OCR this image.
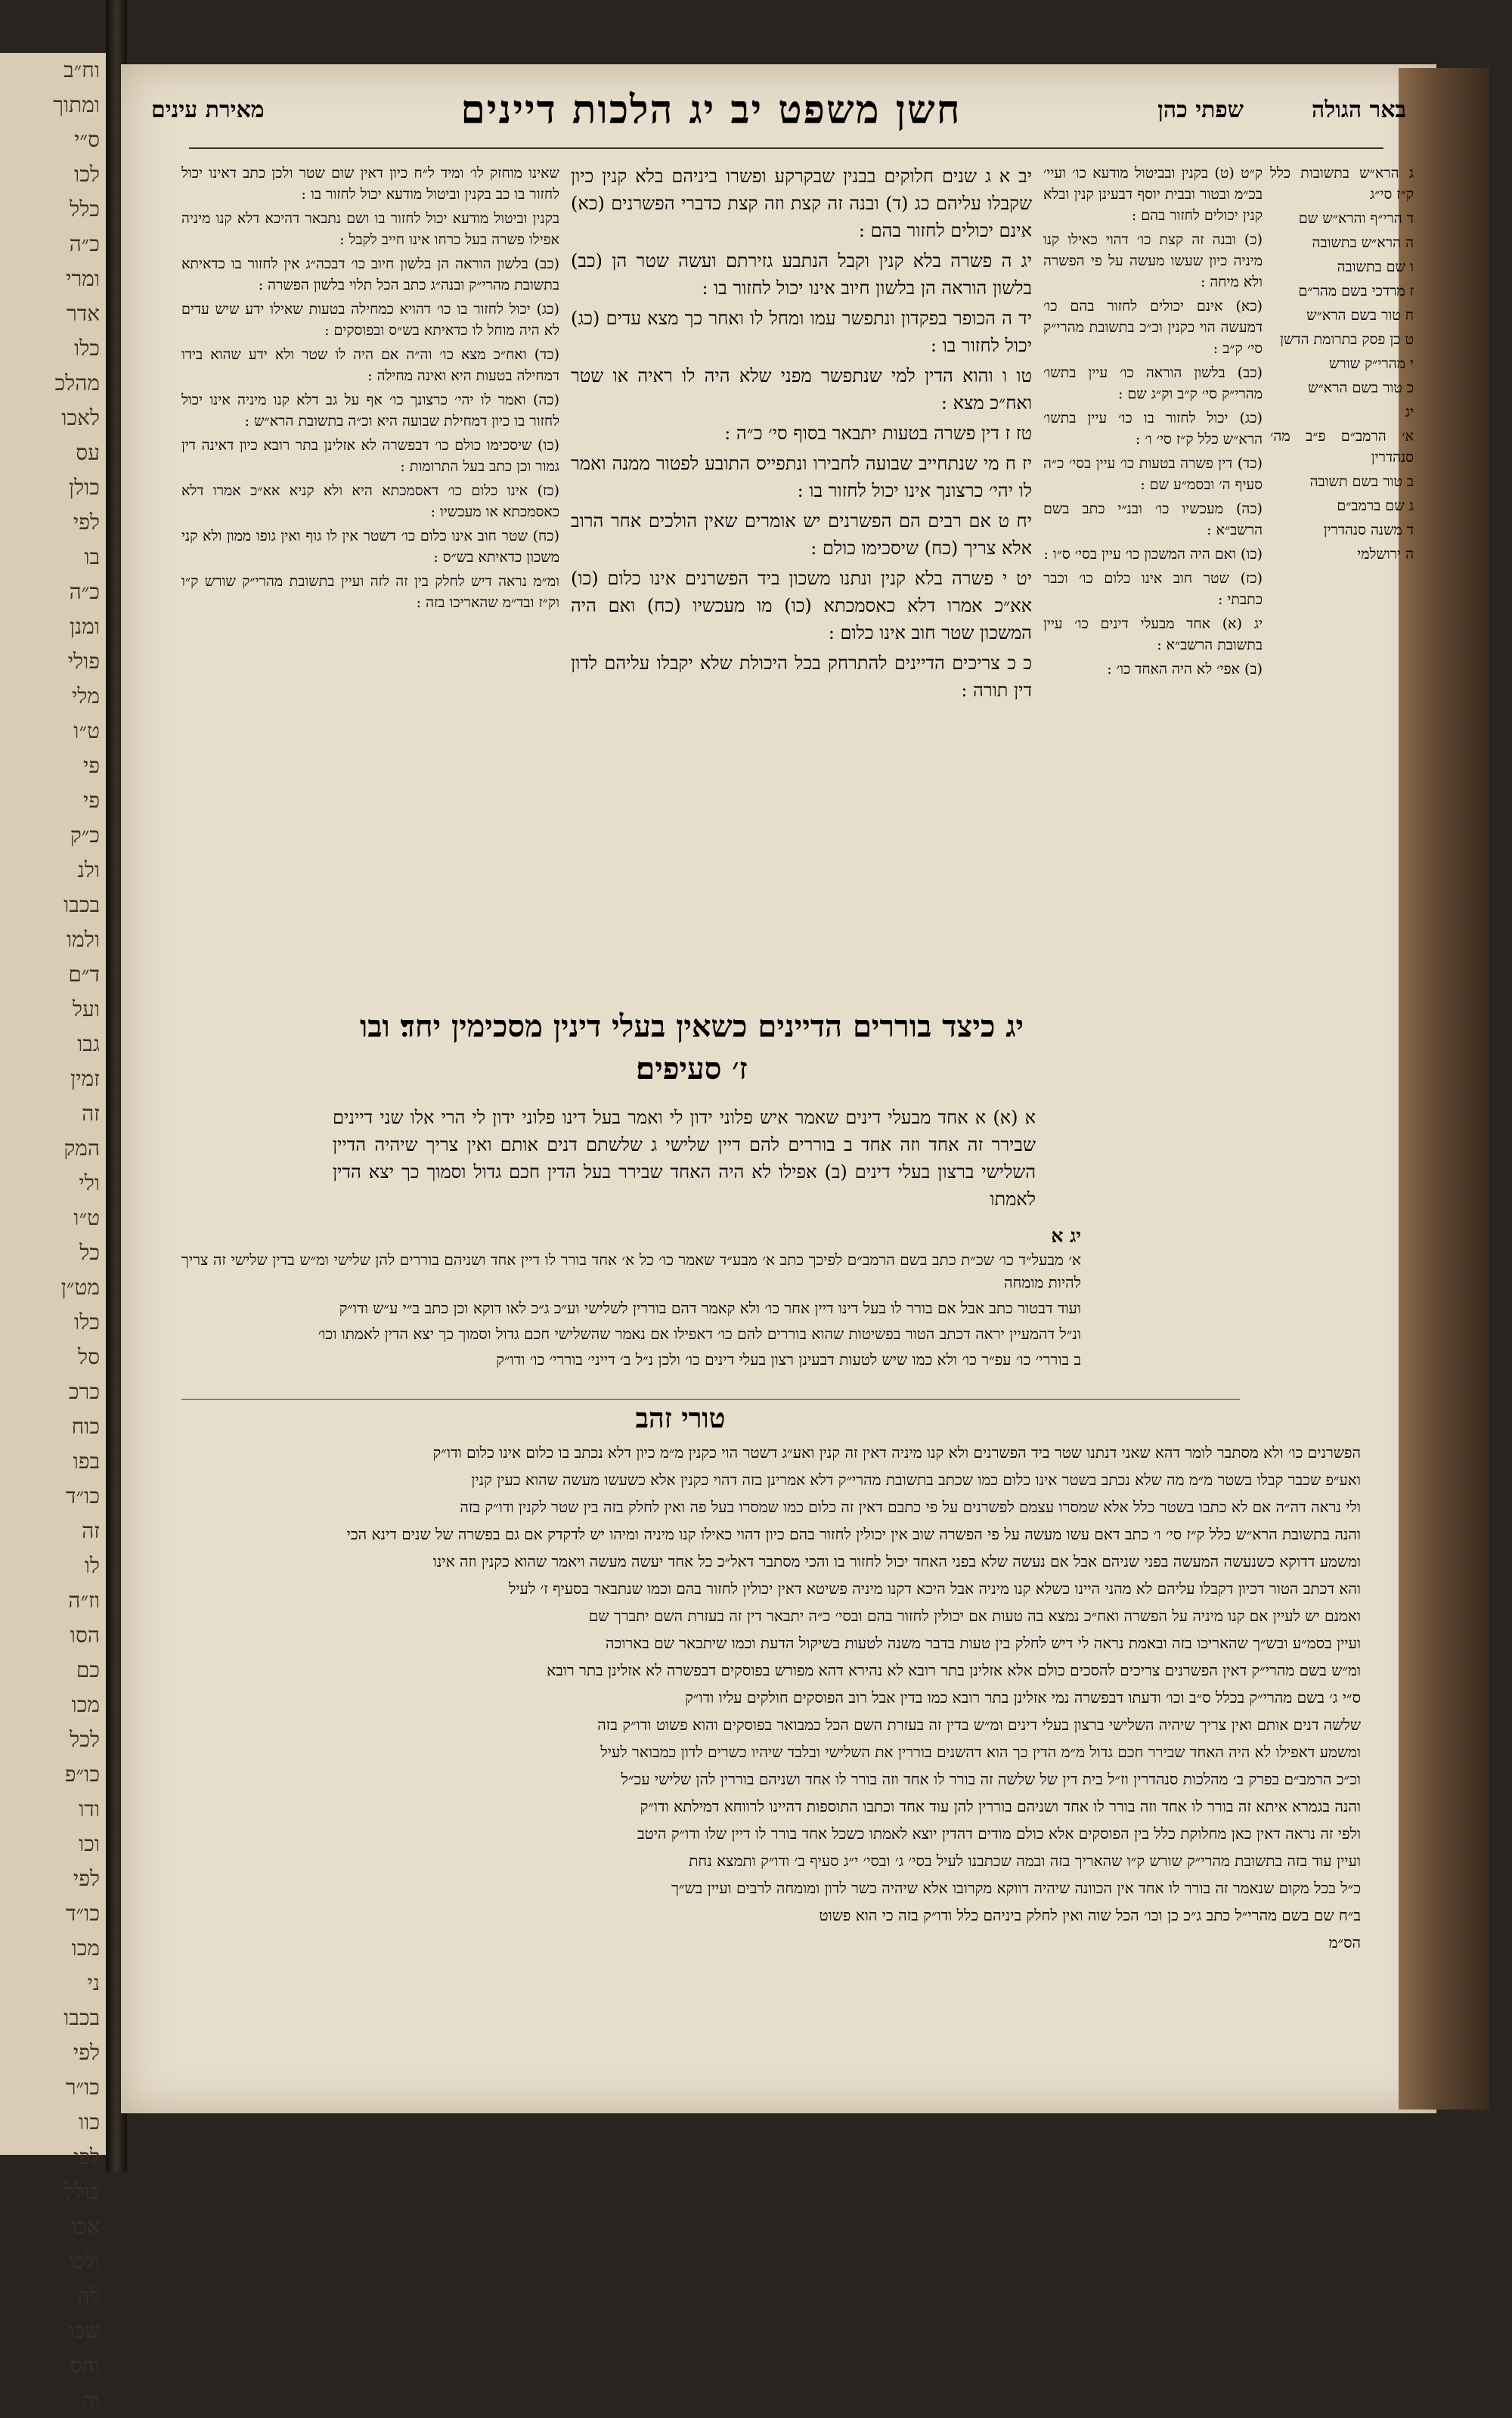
וח״ב
ומתוך
ס״י
לכו
כלל
כ״ה
ומרי
אדר
כלו
מהלכ
לאכו
עס
כולן
לפי
בו
כ״ה
ומנן
פולי
מלי
ט״ו
פי
פי
כ״ק
ולנ
בכבו
ולמו
ד״ם
ועל
גבו
זמין
זה
המק
ולי
ט״ו
כל
מט״ן
כלו
סל
כרכ
כוח
בפו
כו״ד
זה
לו
וז״ה
הסו
כם
מכו
לכל
כו״פ
ודו
וכו
לפי
כו״ד
מכו
ני
בכבו
לפי
כו״ר
כוו
לפי
כולל
אכו
ולכו
לה
שכו
והס
וה
באר הגולה
שפתי כהן
חשן משפט יב יג הלכות דיינים
מאירת עינים
ג הרא״ש בתשובות כלל ק״ז סי״ג
ד הרי״ף והרא״ש שם
ה הרא״ש בתשובה
ו שם בתשובה
ז מרדכי בשם מהר״ם
ח טור בשם הרא״ש
ט כן פסק בתרומת הדשן
י מהרי״ק שורש
כ טור בשם הרא״ש
יג
א׳ הרמב״ם פ״ב מה׳ סנהדרין
ב טור בשם תשובה
ג שם ברמב״ם
ד משנה סנהדרין
ה ירושלמי
ק״ט (ט) בקנין ובביטול מודעא כו׳ ועיי׳ בכ״מ ובטור ובבית יוסף דבעינן קנין ובלא קנין יכולים לחזור בהם :
(כ) ובנה זה קצת כו׳ דהוי כאילו קנו מיניה כיון שעשו מעשה על פי הפשרה ולא מיחה :
(כא) אינם יכולים לחזור בהם כו׳ דמעשה הוי כקנין וכ״כ בתשובת מהרי״ק סי׳ ק״ב :
(כב) בלשון הוראה כו׳ עיין בתשו׳ מהרי״ק סי׳ ק״ב וק״ג שם :
(כג) יכול לחזור בו כו׳ עיין בתשו׳ הרא״ש כלל ק״ז סי׳ ו׳ :
(כד) דין פשרה בטעות כו׳ עיין בסי׳ כ״ה סעיף ה׳ ובסמ״ע שם :
(כה) מעכשיו כו׳ ובנ״י כתב בשם הרשב״א :
(כו) ואם היה המשכון כו׳ עיין בסי׳ ס״ו :
(כז) שטר חוב אינו כלום כו׳ וכבר כתבתי :
יג (א) אחד מבעלי דינים כו׳ עיין בתשובת הרשב״א :
(ב) אפי׳ לא היה האחד כו׳ :
יב א ג שנים חלוקים בבנין שבקרקע ופשרו ביניהם בלא קנין כיון שקבלו עליהם כג (ד) ובנה זה קצת וזה קצת כדברי הפשרנים (כא) אינם יכולים לחזור בהם :
יג ה פשרה בלא קנין וקבל הנתבע גזירתם ועשה שטר הן (כב) בלשון הוראה הן בלשון חיוב אינו יכול לחזור בו :
יד ה הכופר בפקדון ונתפשר עמו ומחל לו ואחר כך מצא עדים (כג) יכול לחזור בו :
טו ו והוא הדין למי שנתפשר מפני שלא היה לו ראיה או שטר ואח״כ מצא :
טז ז דין פשרה בטעות יתבאר בסוף סי׳ כ״ה :
יז ח מי שנתחייב שבועה לחבירו ונתפייס התובע לפטור ממנה ואמר לו יהי׳ כרצונך אינו יכול לחזור בו :
יח ט אם רבים הם הפשרנים יש אומרים שאין הולכים אחר הרוב אלא צריך (כח) שיסכימו כולם :
יט י פשרה בלא קנין ונתנו משכון ביד הפשרנים אינו כלום (כו) אא״כ אמרו דלא כאסמכתא (כו) מו מעכשיו (כח) ואם היה המשכון שטר חוב אינו כלום :
כ כ צריכים הדיינים להתרחק בכל היכולת שלא יקבלו עליהם לדון דין תורה :
יג כיצד בוררים הדיינים כשאין בעלי דינין מסכימין יחד׃ ובו ז׳ סעיפים׃
א (א) א אחד מבעלי דינים שאמר איש פלוני ידון לי ואמר בעל דינו פלוני ידון לי הרי אלו שני דיינים שבירר זה אחד וזה אחד ב בוררים להם דיין שלישי ג שלשתם דנים אותם ואין צריך שיהיה הדיין השלישי ברצון בעלי דינים (ב) אפילו לא היה האחד שבירר בעל הדין חכם גדול וסמוך כך יצא הדין לאמתו
שאינו מוחזק לו׳ ומיד ל״ח כיון דאין שום שטר ולכן כתב דאינו יכול לחזור בו כב בקנין וביטול מודעא יכול לחזור בו :
בקנין וביטול מודעא יכול לחזור בו ושם נתבאר דהיכא דלא קנו מיניה אפילו פשרה בעל כרחו אינו חייב לקבל :
(כב) בלשון הוראה הן בלשון חיוב כו׳ דבכה״ג אין לחזור בו כדאיתא בתשובת מהרי״ק ובנה״ג כתב הכל תלוי בלשון הפשרה :
(כג) יכול לחזור בו כו׳ דהויא כמחילה בטעות שאילו ידע שיש עדים לא היה מוחל לו כדאיתא בש״ס ובפוסקים :
(כד) ואח״כ מצא כו׳ וה״ה אם היה לו שטר ולא ידע שהוא בידו דמחילה בטעות היא ואינה מחילה :
(כה) ואמר לו יהי׳ כרצונך כו׳ אף על גב דלא קנו מיניה אינו יכול לחזור בו כיון דמחילת שבועה היא וכ״ה בתשובת הרא״ש :
(כו) שיסכימו כולם כו׳ דבפשרה לא אזלינן בתר רובא כיון דאינה דין גמור וכן כתב בעל התרומות :
(כז) אינו כלום כו׳ דאסמכתא היא ולא קניא אא״כ אמרו דלא כאסמכתא או מעכשיו :
(כח) שטר חוב אינו כלום כו׳ דשטר אין לו גוף ואין גופו ממון ולא קני משכון כדאיתא בש״ס :
ומ״מ נראה דיש לחלק בין זה לזה ועיין בתשובת מהרי״ק שורש ק״ו וק״ז ובד״מ שהאריכו בזה :
יג א
א׳ מבעל״ד כו׳ שכ״ת כתב בשם הרמב״ם לפיכך כתב א׳ מבע״ד שאמר כו׳ כל א׳ אחד בורר לו דיין אחד ושניהם בוררים להן שלישי ומ״ש בדין שלישי זה צריך להיות מומחה
ועוד דבטור כתב אבל אם בורר לו בעל דינו דיין אחר כו׳ ולא קאמר דהם בוררין לשלישי וע״כ ג״כ לאו דוקא וכן כתב ב״י ע״ש ודו״ק
ונ״ל דהמעיין יראה דכתב הטור בפשיטות שהוא בוררים להם כו׳ דאפילו אם נאמר שהשלישי חכם גדול וסמוך כך יצא הדין לאמתו וכו׳
ב בוררי׳ כו׳ עפ״ר כו׳ ולא כמו שיש לטעות דבעינן רצון בעלי דינים כו׳ ולכן נ״ל ב׳ דייני׳ בוררי׳ כו׳ ודו״ק
טורי זהב
הפשרנים כו׳ ולא מסתבר לומר דהא שאני דנתנו שטר ביד הפשרנים ולא קנו מיניה דאין זה קנין ואע״ג דשטר הוי כקנין מ״מ כיון דלא נכתב בו כלום אינו כלום ודו״ק
ואע״פ שכבר קבלו בשטר מ״מ מה שלא נכתב בשטר אינו כלום כמו שכתב בתשובת מהרי״ק דלא אמרינן בזה דהוי כקנין אלא כשעשו מעשה שהוא כעין קנין
ולי נראה דה״ה אם לא כתבו בשטר כלל אלא שמסרו עצמם לפשרנים על פי כתבם דאין זה כלום כמו שמסרו בעל פה ואין לחלק בזה בין שטר לקנין ודו״ק בזה
והנה בתשובת הרא״ש כלל ק״ז סי׳ ו׳ כתב דאם עשו מעשה על פי הפשרה שוב אין יכולין לחזור בהם כיון דהוי כאילו קנו מיניה ומיהו יש לדקדק אם גם בפשרה של שנים דינא הכי
ומשמע דדוקא כשנעשה המעשה בפני שניהם אבל אם נעשה שלא בפני האחד יכול לחזור בו והכי מסתבר דאל״כ כל אחד יעשה מעשה ויאמר שהוא כקנין וזה אינו
והא דכתב הטור דכיון דקבלו עליהם לא מהני היינו כשלא קנו מיניה אבל היכא דקנו מיניה פשיטא דאין יכולין לחזור בהם וכמו שנתבאר בסעיף ז׳ לעיל
ואמנם יש לעיין אם קנו מיניה על הפשרה ואח״כ נמצא בה טעות אם יכולין לחזור בהם ובסי׳ כ״ה יתבאר דין זה בעזרת השם יתברך שם
ועיין בסמ״ע ובש״ך שהאריכו בזה ובאמת נראה לי דיש לחלק בין טעות בדבר משנה לטעות בשיקול הדעת וכמו שיתבאר שם בארוכה
ומ״ש בשם מהרי״ק דאין הפשרנים צריכים להסכים כולם אלא אזלינן בתר רובא לא נהירא דהא מפורש בפוסקים דבפשרה לא אזלינן בתר רובא
ס״י ג׳ בשם מהרי״ק בכלל ס״ב וכו׳ ודעתו דבפשרה נמי אזלינן בתר רובא כמו בדין אבל רוב הפוסקים חולקים עליו ודו״ק
שלשה דנים אותם ואין צריך שיהיה השלישי ברצון בעלי דינים ומ״ש בדין זה בעזרת השם הכל כמבואר בפוסקים והוא פשוט ודו״ק בזה
ומשמע דאפילו לא היה האחד שבירר חכם גדול מ״מ הדין כך הוא דהשנים בוררין את השלישי ובלבד שיהיו כשרים לדון כמבואר לעיל
וכ״כ הרמב״ם בפרק ב׳ מהלכות סנהדרין וז״ל בית דין של שלשה זה בורר לו אחד וזה בורר לו אחד ושניהם בוררין להן שלישי עכ״ל
והנה בגמרא איתא זה בורר לו אחד וזה בורר לו אחד ושניהם בוררין להן עוד אחד וכתבו התוספות דהיינו לרווחא דמילתא ודו״ק
ולפי זה נראה דאין כאן מחלוקת כלל בין הפוסקים אלא כולם מודים דהדין יוצא לאמתו כשכל אחד בורר לו דיין שלו ודו״ק היטב
ועיין עוד בזה בתשובת מהרי״ק שורש ק״ו שהאריך בזה ובמה שכתבנו לעיל בסי׳ ג׳ ובסי׳ י״ג סעיף ב׳ ודו״ק ותמצא נחת
כ״ל בכל מקום שנאמר זה בורר לו אחד אין הכוונה שיהיה דווקא מקרובו אלא שיהיה כשר לדון ומומחה לרבים ועיין בש״ך
ב״ח שם בשם מהרי״ל כתב ג״כ כן וכו׳ הכל שוה ואין לחלק ביניהם כלל ודו״ק בזה כי הוא פשוט
הס״מ
